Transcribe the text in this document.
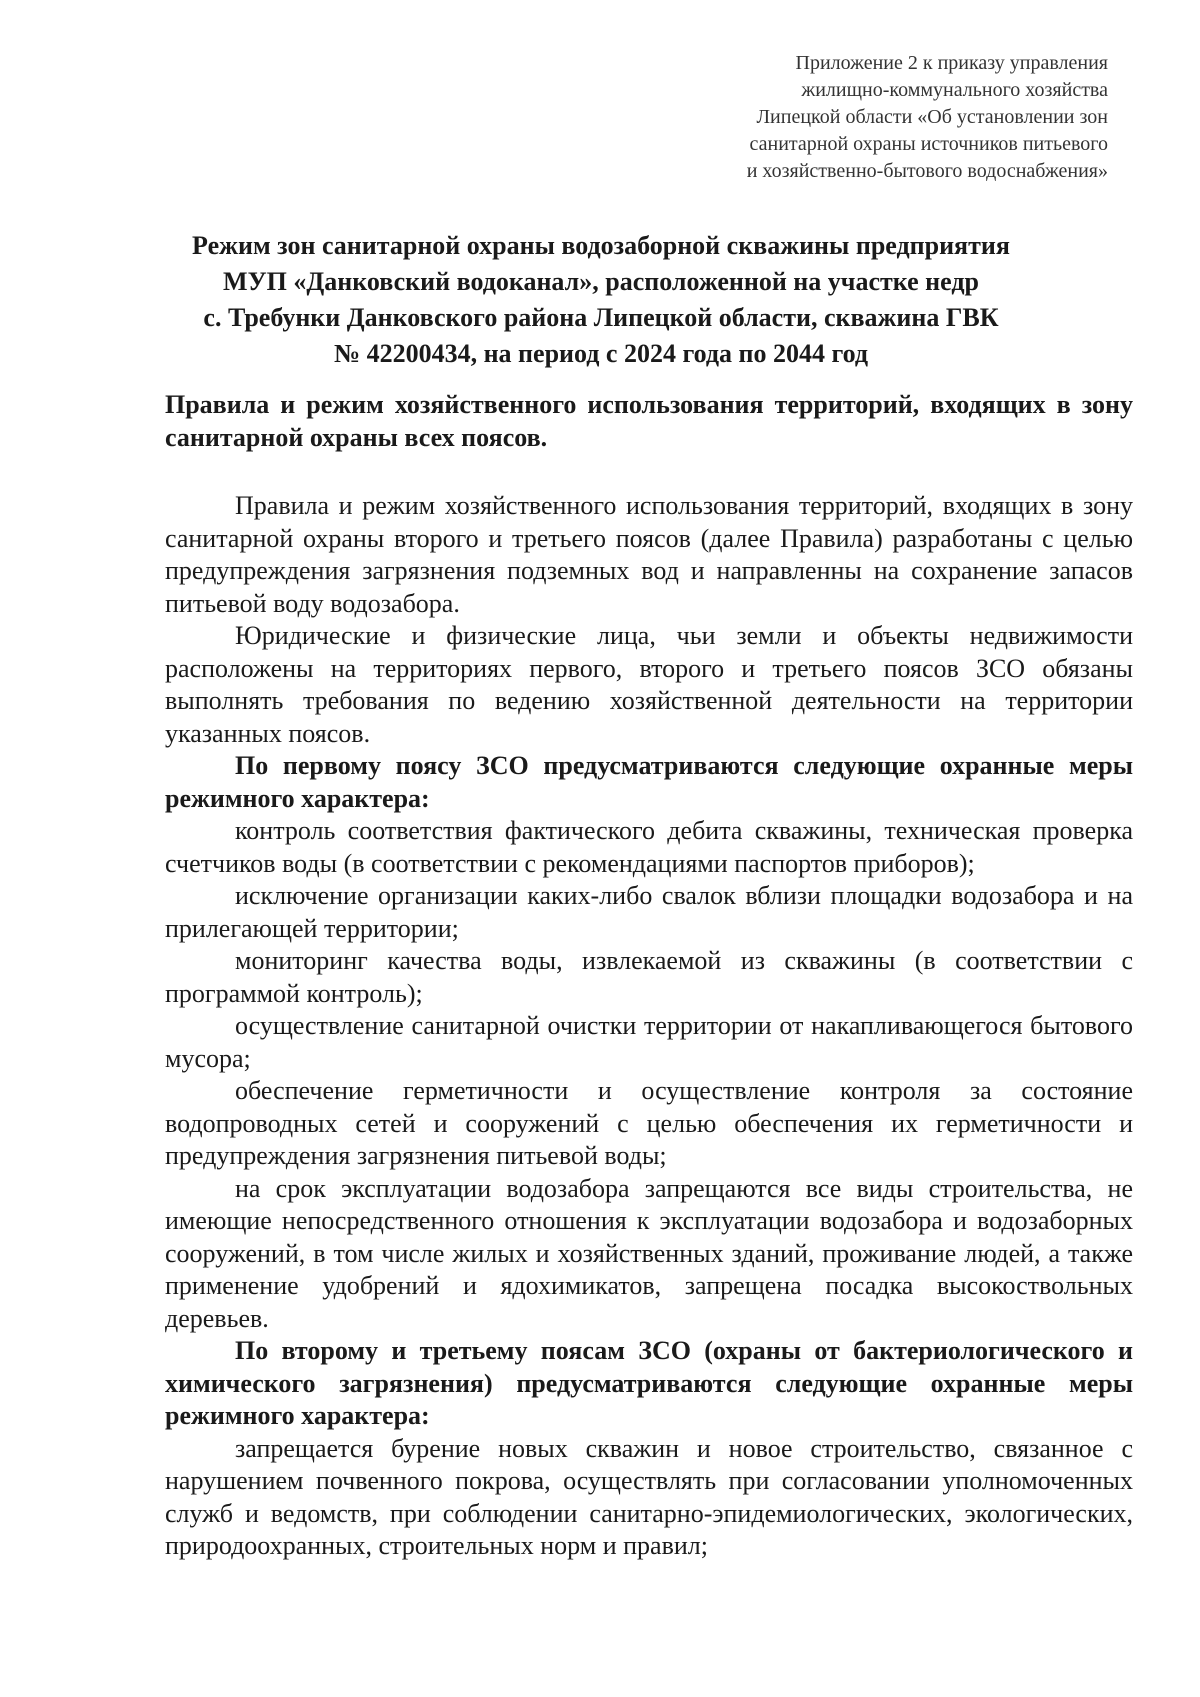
Приложение 2 к приказу управления
жилищно-коммунального хозяйства
Липецкой области «Об установлении зон
санитарной охраны источников питьевого
и хозяйственно-бытового водоснабжения»
Режим зон санитарной охраны водозаборной скважины предприятия
МУП «Данковский водоканал», расположенной на участке недр
с. Требунки Данковского района Липецкой области, скважина ГВК
№ 42200434, на период с 2024 года по 2044 год
Правила и режим хозяйственного использования территорий, входящих в зону санитарной охраны всех поясов.

Правила и режим хозяйственного использования территорий, входящих в зону санитарной охраны второго и третьего поясов (далее Правила) разработаны с целью предупреждения загрязнения подземных вод и направленны на сохранение запасов питьевой воду водозабора.

Юридические и физические лица, чьи земли и объекты недвижимости расположены на территориях первого, второго и третьего поясов ЗСО обязаны выполнять требования по ведению хозяйственной деятельности на территории указанных поясов.

По первому поясу ЗСО предусматриваются следующие охранные меры режимного характера:

контроль соответствия фактического дебита скважины, техническая проверка счетчиков воды (в соответствии с рекомендациями паспортов приборов);

исключение организации каких-либо свалок вблизи площадки водозабора и на прилегающей территории;

мониторинг качества воды, извлекаемой из скважины (в соответствии с программой контроль);

осуществление санитарной очистки территории от накапливающегося бытового мусора;

обеспечение герметичности и осуществление контроля за состояние водопроводных сетей и сооружений с целью обеспечения их герметичности и предупреждения загрязнения питьевой воды;

на срок эксплуатации водозабора запрещаются все виды строительства, не имеющие непосредственного отношения к эксплуатации водозабора и водозаборных сооружений, в том числе жилых и хозяйственных зданий, проживание людей, а также применение удобрений и ядохимикатов, запрещена посадка высокоствольных деревьев.

По второму и третьему поясам ЗСО (охраны от бактериологического и химического загрязнения) предусматриваются следующие охранные меры режимного характера:

запрещается бурение новых скважин и новое строительство, связанное с нарушением почвенного покрова, осуществлять при согласовании уполномоченных служб и ведомств, при соблюдении санитарно-эпидемиологических, экологических, природоохранных, строительных норм и правил;
